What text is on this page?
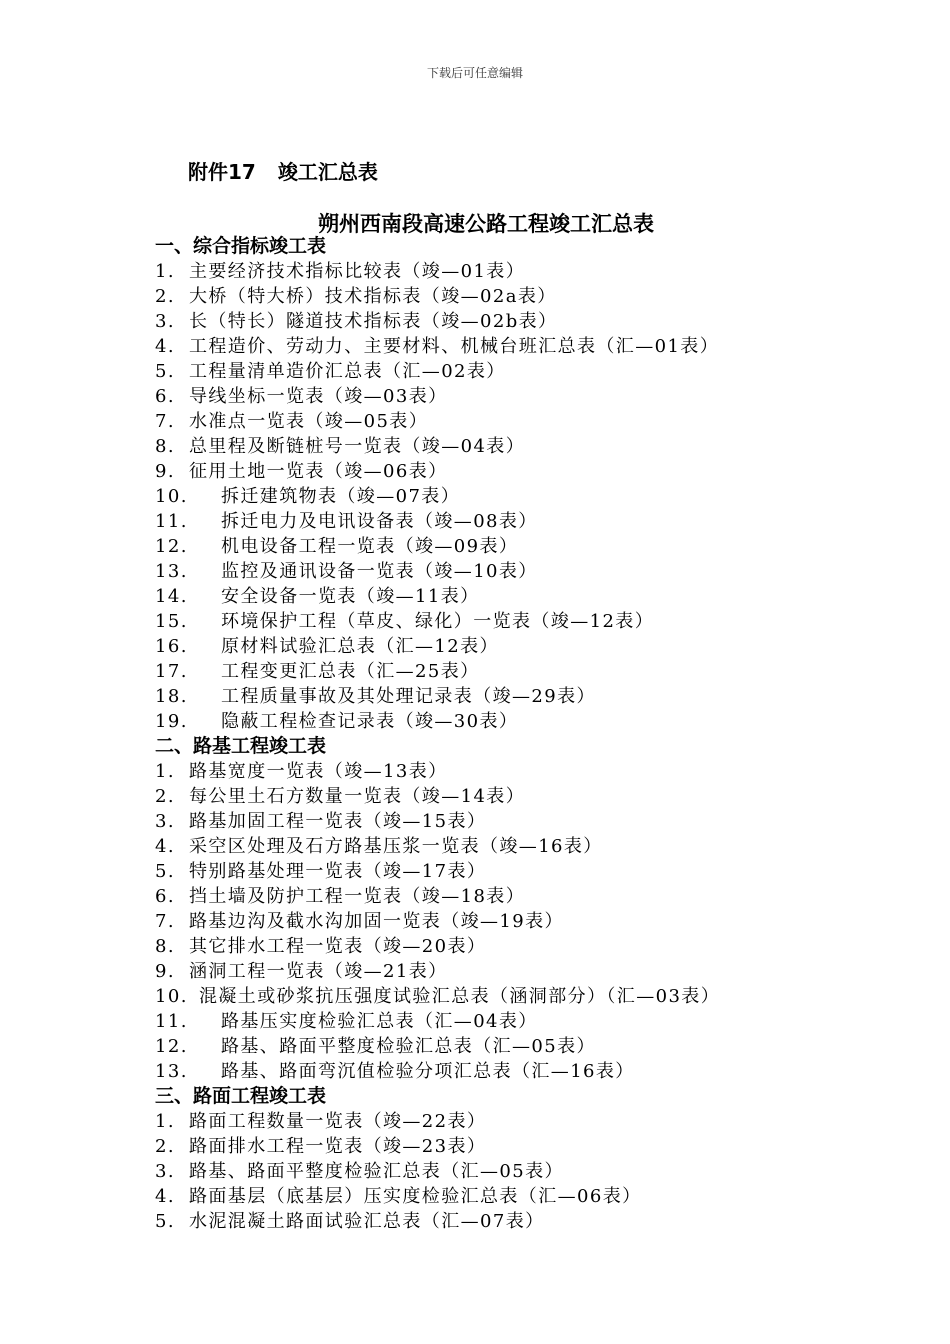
下载后可任意编辑
附件17 竣工汇总表
朔州西南段高速公路工程竣工汇总表
一、综合指标竣工表
1. 主要经济技术指标比较表（竣—01表）
2. 大桥（特大桥）技术指标表（竣—02a表）
3. 长（特长）隧道技术指标表（竣—02b表）
4. 工程造价、劳动力、主要材料、机械台班汇总表（汇—01表）
5. 工程量清单造价汇总表（汇—02表）
6. 导线坐标一览表（竣—03表）
7. 水准点一览表（竣—05表）
8. 总里程及断链桩号一览表（竣—04表）
9. 征用土地一览表（竣—06表）
10. 拆迁建筑物表（竣—07表）
11. 拆迁电力及电讯设备表（竣—08表）
12. 机电设备工程一览表（竣—09表）
13. 监控及通讯设备一览表（竣—10表）
14. 安全设备一览表（竣—11表）
15. 环境保护工程（草皮、绿化）一览表（竣—12表）
16. 原材料试验汇总表（汇—12表）
17. 工程变更汇总表（汇—25表）
18. 工程质量事故及其处理记录表（竣—29表）
19. 隐蔽工程检查记录表（竣—30表）
二、路基工程竣工表
1. 路基宽度一览表（竣—13表）
2. 每公里土石方数量一览表（竣—14表）
3. 路基加固工程一览表（竣—15表）
4. 采空区处理及石方路基压浆一览表（竣—16表）
5. 特别路基处理一览表（竣—17表）
6. 挡土墙及防护工程一览表（竣—18表）
7. 路基边沟及截水沟加固一览表（竣—19表）
8. 其它排水工程一览表（竣—20表）
9. 涵洞工程一览表（竣—21表）
10. 混凝土或砂浆抗压强度试验汇总表（涵洞部分）（汇—03表）
11. 路基压实度检验汇总表（汇—04表）
12. 路基、路面平整度检验汇总表（汇—05表）
13. 路基、路面弯沉值检验分项汇总表（汇—16表）
三、路面工程竣工表
1. 路面工程数量一览表（竣—22表）
2. 路面排水工程一览表（竣—23表）
3. 路基、路面平整度检验汇总表（汇—05表）
4. 路面基层（底基层）压实度检验汇总表（汇—06表）
5. 水泥混凝土路面试验汇总表（汇—07表）
